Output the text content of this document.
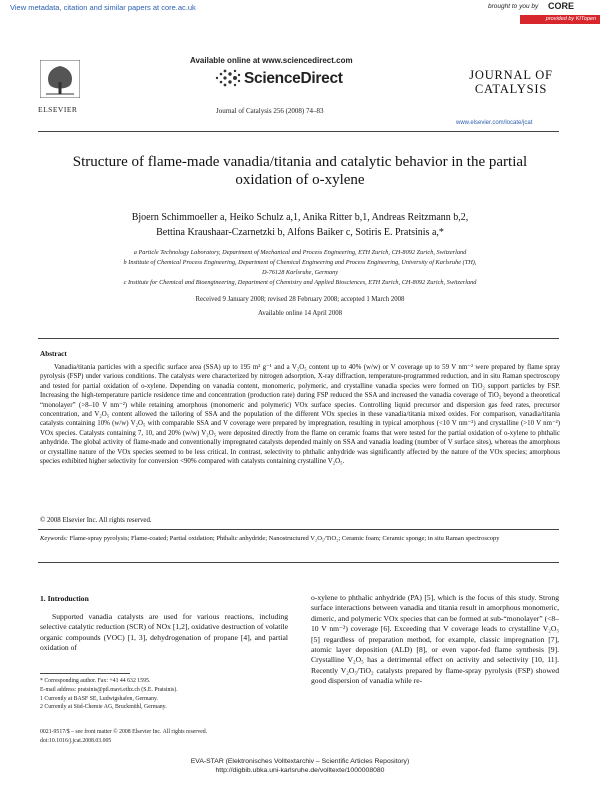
View metadata, citation and similar papers at core.ac.uk	brought to you by CORE
provided by KITopen
ELSEVIER
Available online at www.sciencedirect.com
ScienceDirect
Journal of Catalysis 256 (2008) 74–83
JOURNAL OF
CATALYSIS
www.elsevier.com/locate/jcat
Structure of flame-made vanadia/titania and catalytic behavior in the partial
oxidation of o-xylene
Bjoern Schimmoeller a, Heiko Schulz a,1, Anika Ritter b,1, Andreas Reitzmann b,2,
Bettina Kraushaar-Czarnetzki b, Alfons Baiker c, Sotiris E. Pratsinis a,*
a Particle Technology Laboratory, Department of Mechanical and Process Engineering, ETH Zurich, CH-8092 Zurich, Switzerland
b Institute of Chemical Process Engineering, Department of Chemical Engineering and Process Engineering, University of Karlsruhe (TH),
D-76128 Karlsruhe, Germany
c Institute for Chemical and Bioengineering, Department of Chemistry and Applied Biosciences, ETH Zurich, CH-8092 Zurich, Switzerland
Received 9 January 2008; revised 28 February 2008; accepted 1 March 2008
Available online 14 April 2008
Abstract
Vanadia/titania particles with a specific surface area (SSA) up to 195 m² g⁻¹ and a V₂O₅ content up to 40% (w/w) or V coverage up to 59 V nm⁻² were prepared by flame spray pyrolysis (FSP) under various conditions. The catalysts were characterized by nitrogen adsorption, X-ray diffraction, temperature-programmed reduction, and in situ Raman spectroscopy and tested for partial oxidation of o-xylene. Depending on vanadia content, monomeric, polymeric, and crystalline vanadia species were formed on TiO₂ support particles by FSP. Increasing the high-temperature particle residence time and concentration (production rate) during FSP reduced the SSA and increased the vanadia coverage of TiO₂ beyond a theoretical “monolayer” (>8–10 V nm⁻²) while retaining amorphous (monomeric and polymeric) VOx surface species. Controlling liquid precursor and dispersion gas feed rates, precursor concentration, and V₂O₅ content allowed the tailoring of SSA and the population of the different VOx species in these vanadia/titania mixed oxides. For comparison, vanadia/titania catalysts containing 10% (w/w) V₂O₅ with comparable SSA and V coverage were prepared by impregnation, resulting in typical amorphous (<10 V nm⁻²) and crystalline (>10 V nm⁻²) VOx species. Catalysts containing 7, 10, and 20% (w/w) V₂O₅ were deposited directly from the flame on ceramic foams that were tested for the partial oxidation of o-xylene to phthalic anhydride. The global activity of flame-made and conventionally impregnated catalysts depended mainly on SSA and vanadia loading (number of V surface sites), whereas the amorphous or crystalline nature of the VOx species seemed to be less critical. In contrast, selectivity to phthalic anhydride was significantly affected by the nature of the VOx species; amorphous species exhibited higher selectivity for conversion <90% compared with catalysts containing crystalline V₂O₅.
© 2008 Elsevier Inc. All rights reserved.
Keywords: Flame-spray pyrolysis; Flame-coated; Partial oxidation; Phthalic anhydride; Nanostructured V₂O₅/TiO₂; Ceramic foam; Ceramic sponge; in situ Raman spectroscopy
1. Introduction
Supported vanadia catalysts are used for various reactions, including selective catalytic reduction (SCR) of NOx [1,2], oxidative destruction of volatile organic compounds (VOC) [1, 3], dehydrogenation of propane [4], and partial oxidation of
o-xylene to phthalic anhydride (PA) [5], which is the focus of this study. Strong surface interactions between vanadia and titania result in amorphous monomeric, dimeric, and polymeric VOx species that can be formed at sub-“monolayer” (<8–10 V nm⁻²) coverage [6]. Exceeding that V coverage leads to crystalline V₂O₅ [5] regardless of preparation method, for example, classic impregnation [7], atomic layer deposition (ALD) [8], or even vapor-fed flame synthesis [9]. Crystalline V₂O₅ has a detrimental effect on activity and selectivity [10, 11]. Recently V₂O₅/TiO₂ catalysts prepared by flame-spray pyrolysis (FSP) showed good dispersion of vanadia while re-
* Corresponding author. Fax: +41 44 632 1595.
E-mail address: pratsinis@ptl.mavt.ethz.ch (S.E. Pratsinis).
1 Currently at BASF SE, Ludwigshafen, Germany.
2 Currently at Süd-Chemie AG, Bruckmühl, Germany.
0021-9517/$ – see front matter © 2008 Elsevier Inc. All rights reserved.
doi:10.1016/j.jcat.2008.03.005
EVA-STAR (Elektronisches Volltextarchiv – Scientific Articles Repository)
http://digbib.ubka.uni-karlsruhe.de/volltexte/1000008080
